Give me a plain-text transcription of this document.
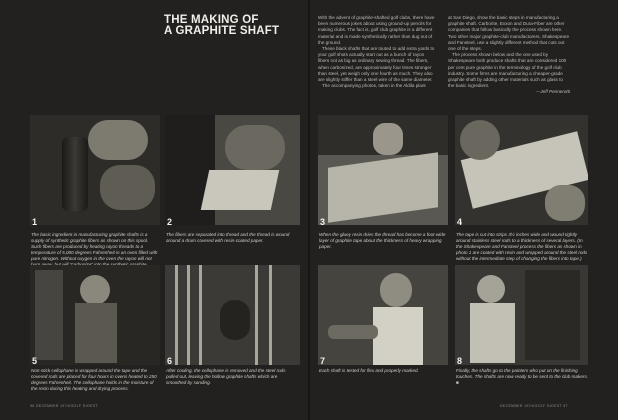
THE MAKING OF
A GRAPHITE SHAFT

With the advent of graphite-shafted golf clubs, there have been numerous jokes about using ground-up pencils for making clubs. The fact is, golf club graphite is a different material and is made synthetically rather than dug out of the ground.

These black shafts that are touted to add extra yards to your golf shots actually start out as a bunch of rayon fibers not as big as ordinary sewing thread. The fibers, when carbonized, are approximately four times stronger than steel, yet weigh only one fourth as much. They also are slightly stiffer than a steel wire of the same diameter.

The accompanying photos, taken in the Aldila plant

at San Diego, show the basic steps in manufacturing a graphite shaft. Carborite, Exxon and Dura-Fiber are other companies that follow basically the process shown here. Two other major graphite-club manufacturers, Shakespeare and Fansteel, use a slightly different method that cuts out one of the steps.

The process shown below and the one used by Shakespeare both produce shafts that are considered 100 per cent pure graphite in the terminology of the golf club industry. Some firms are manufacturing a cheaper-grade graphite shaft by adding other materials such as glass to the basic ingredient.

—Jeff Pennerotti

The basic ingredient in manufacturing graphite shafts is a supply of synthetic graphite fibers as shown on this spool. Such fibers are produced by heating rayon threads to a temperature of 5,000 degrees Fahrenheit in an oven filled with pure nitrogen. Without oxygen in the oven the rayon will not
1
The fibers are separated into thread and the thread is wound around a drum covered with resin-coated paper.
2
When the gluey resin dries the thread has become a foot-wide layer of graphite tape about the thickness of heavy wrapping paper.
3
The tape is cut into strips 3½ inches wide and wound tightly around stainless steel rods to a thickness of several layers. (In the Shakespeare and Fansteel process the fibers as shown in photo 1 are coated with resin and wrapped around the steel rods without the intermediate step of changing the fibers into tape.)
4
5
Non-stick cellophane is wrapped around the tape and the covered rods are placed for four hours in ovens heated to 250 degrees Fahrenheit. The cellophane holds in the moisture of the resin during this heating and drying process.
6
After cooling, the cellophane is removed and the steel rods pulled out, leaving the hollow graphite shafts which are smoothed by sanding.
7
Each shaft is tested for flex and properly marked.
8
Finally, the shafts go to the painters who put on the finishing touches. The shafts are now ready to be sent to the club makers. ■
56 DECEMBER 1974/GOLF DIGEST	DECEMBER 1974/GOLF DIGEST 57
